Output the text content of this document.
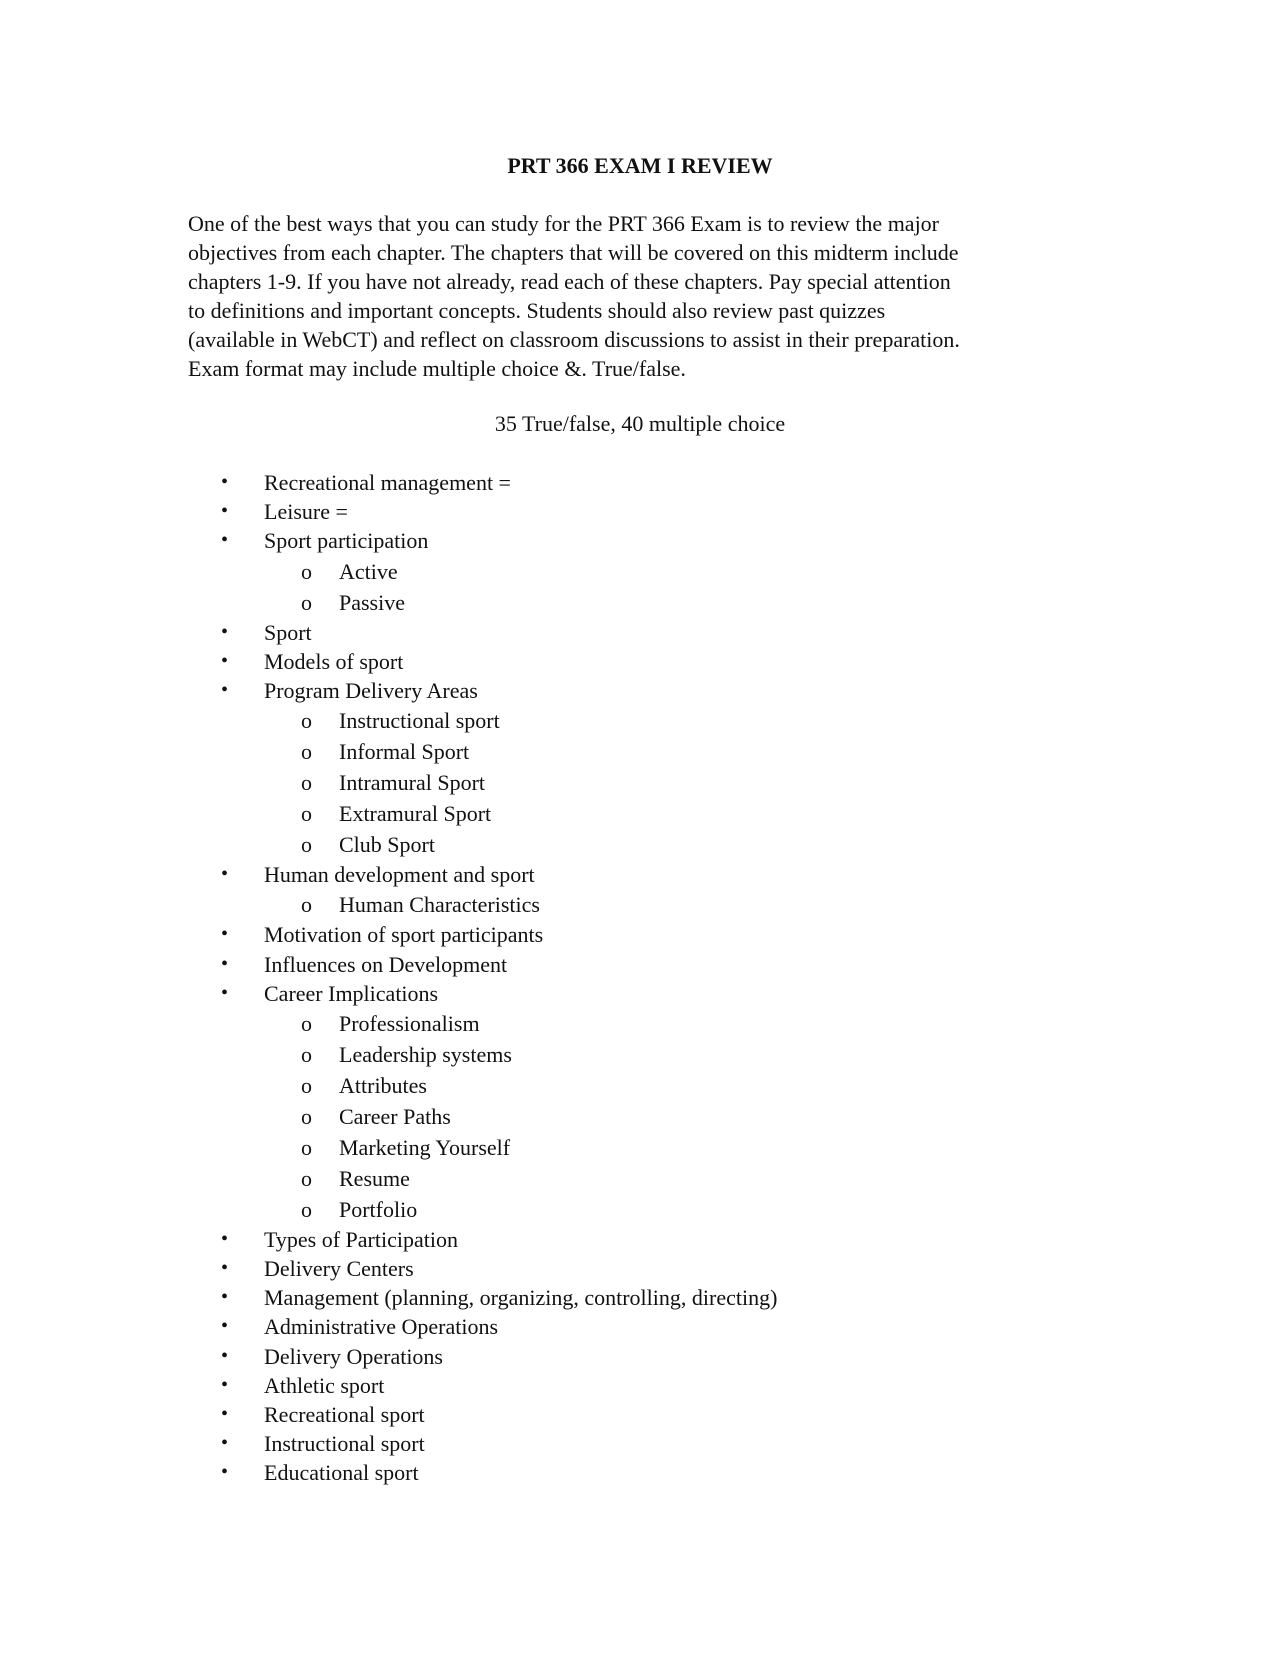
PRT 366 EXAM I REVIEW

One of the best ways that you can study for the PRT 366 Exam is to review the major
objectives from each chapter. The chapters that will be covered on this midterm include
chapters 1-9. If you have not already, read each of these chapters. Pay special attention
to definitions and important concepts. Students should also review past quizzes
(available in WebCT) and reflect on classroom discussions to assist in their preparation.
Exam format may include multiple choice &. True/false.

35 True/false, 40 multiple choice

• Recreational management =
• Leisure =
• Sport participation
o Active
o Passive
• Sport
• Models of sport
• Program Delivery Areas
o Instructional sport
o Informal Sport
o Intramural Sport
o Extramural Sport
o Club Sport
• Human development and sport
o Human Characteristics
• Motivation of sport participants
• Influences on Development
• Career Implications
o Professionalism
o Leadership systems
o Attributes
o Career Paths
o Marketing Yourself
o Resume
o Portfolio
• Types of Participation
• Delivery Centers
• Management (planning, organizing, controlling, directing)
• Administrative Operations
• Delivery Operations
• Athletic sport
• Recreational sport
• Instructional sport
• Educational sport
